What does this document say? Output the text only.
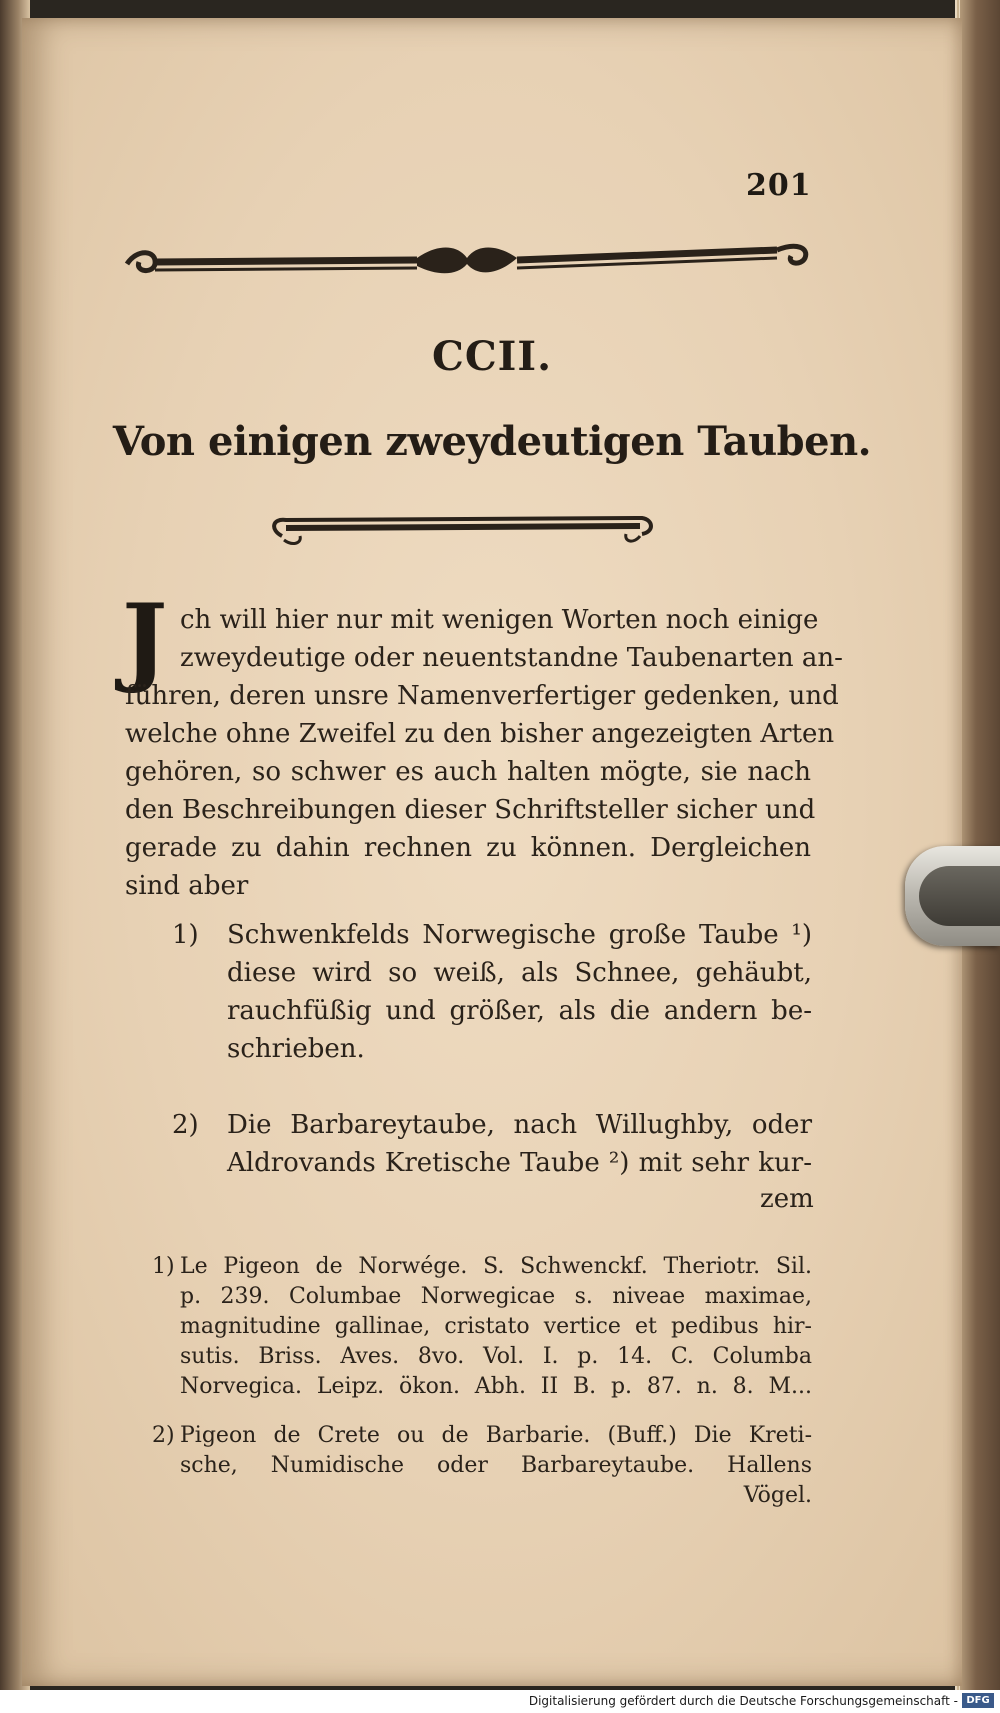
201
CCII.
Von einigen zweydeutigen Tauben.
J ch will hier nur mit wenigen Worten noch einige
zweydeutige oder neuentstandne Taubenarten an-
führen, deren unsre Namenverfertiger gedenken, und
welche ohne Zweifel zu den bisher angezeigten Arten
gehören, so schwer es auch halten mögte, sie nach
den Beschreibungen dieser Schriftsteller sicher und
gerade zu dahin rechnen zu können. Dergleichen
sind aber
1) Schwenkfelds Norwegische große Taube ¹)
diese wird so weiß, als Schnee, gehäubt,
rauchfüßig und größer, als die andern be-
schrieben.
2) Die Barbareytaube, nach Willughby, oder
Aldrovands Kretische Taube ²) mit sehr kur-
zem
1) Le Pigeon de Norwége. S. Schwenckf. Theriotr. Sil.
p. 239. Columbae Norwegicae s. niveae maximae,
magnitudine gallinae, cristato vertice et pedibus hir-
sutis. Briss. Aves. 8vo. Vol. I. p. 14. C. Columba
Norvegica. Leipz. ökon. Abh. II B. p. 87. n. 8. M...
2) Pigeon de Crete ou de Barbarie. (Buff.) Die Kreti-
sche, Numidische oder Barbareytaube. Hallens
Vögel.
Digitalisierung gefördert durch die Deutsche Forschungsgemeinschaft - DFG
